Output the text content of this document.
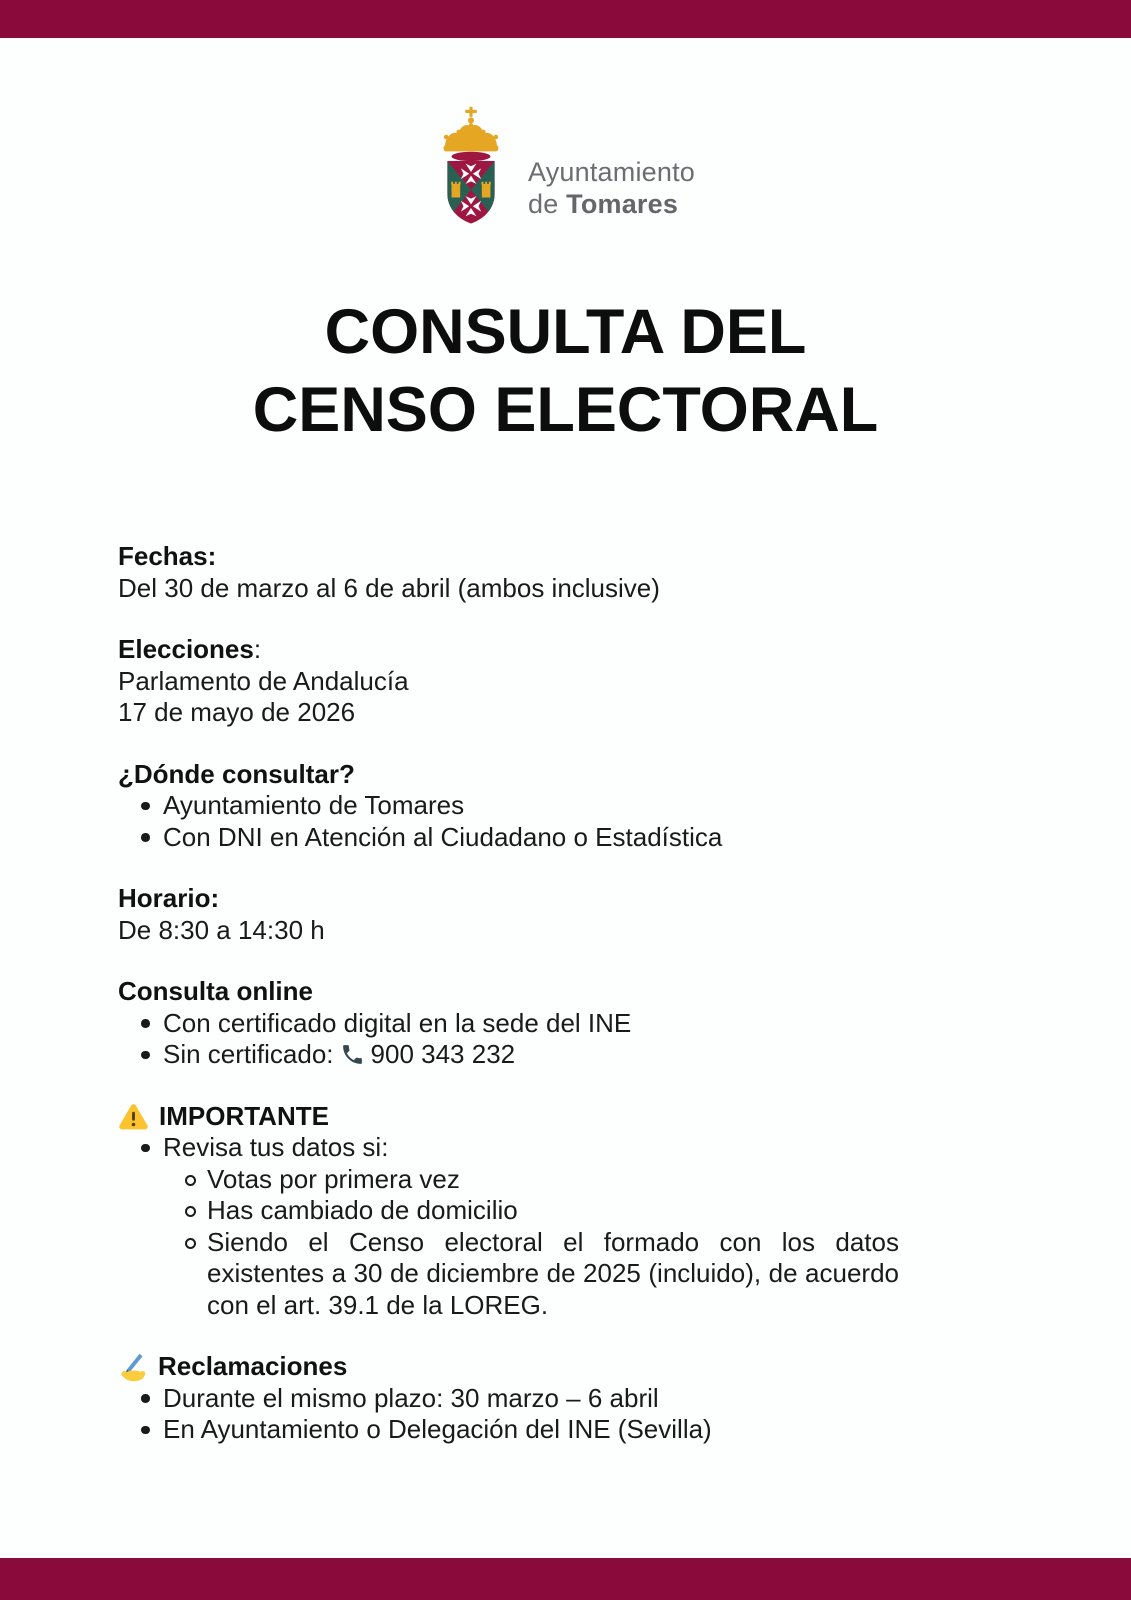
Ayuntamiento
de Tomares
CONSULTA DEL
CENSO ELECTORAL
Fechas:
Del 30 de marzo al 6 de abril (ambos inclusive)
Elecciones:
Parlamento de Andalucía
17 de mayo de 2026
¿Dónde consultar?
Ayuntamiento de Tomares
Con DNI en Atención al Ciudadano o Estadística
Horario:
De 8:30 a 14:30 h
Consulta online
Con certificado digital en la sede del INE
Sin certificado: 900 343 232
IMPORTANTE
Revisa tus datos si:
Votas por primera vez
Has cambiado de domicilio
Siendo el Censo electoral el formado con los datos existentes a 30 de diciembre de 2025 (incluido), de acuerdo con el art. 39.1 de la LOREG.
Reclamaciones
Durante el mismo plazo: 30 marzo – 6 abril
En Ayuntamiento o Delegación del INE (Sevilla)
